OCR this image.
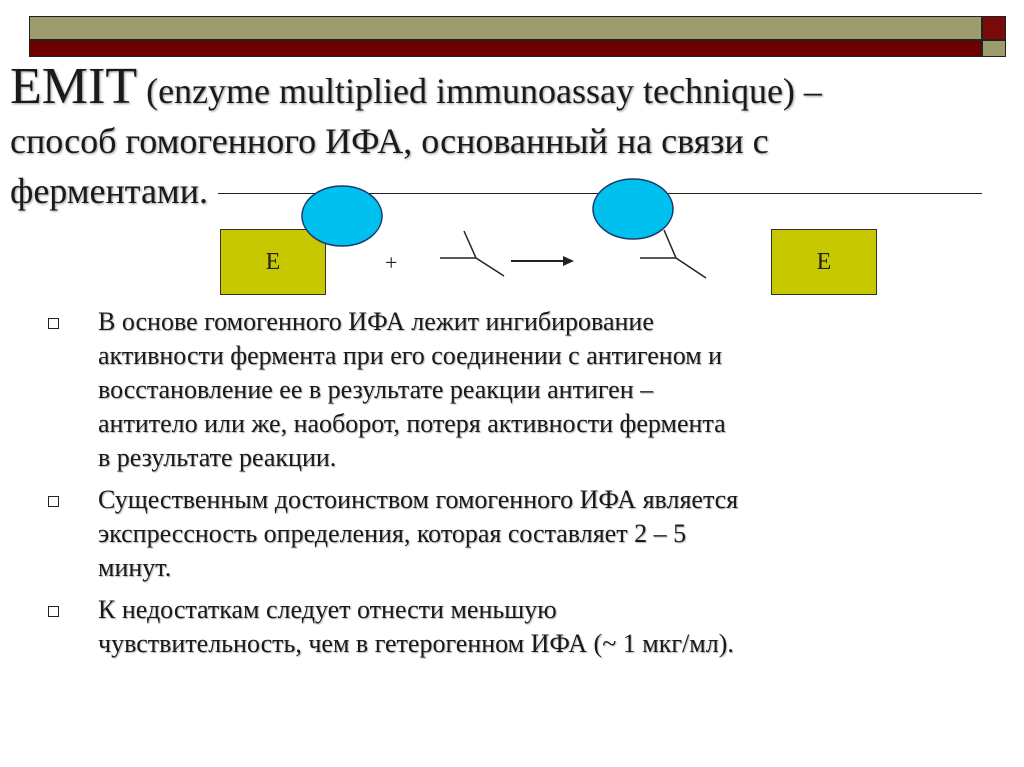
EMIT (enzyme multiplied immunoassay technique) –
способ гомогенного ИФА, основанный на связи с
ферментами.
E	E
+
В основе гомогенного ИФА лежит ингибирование
активности фермента при его соединении с антигеном и
восстановление ее в результате реакции антиген –
антитело или же, наоборот, потеря активности фермента
в результате реакции.
Существенным достоинством гомогенного ИФА является
экспрессность определения, которая составляет 2 – 5
минут.
К недостаткам следует отнести меньшую
чувствительность, чем в гетерогенном ИФА (~ 1 мкг/мл).
